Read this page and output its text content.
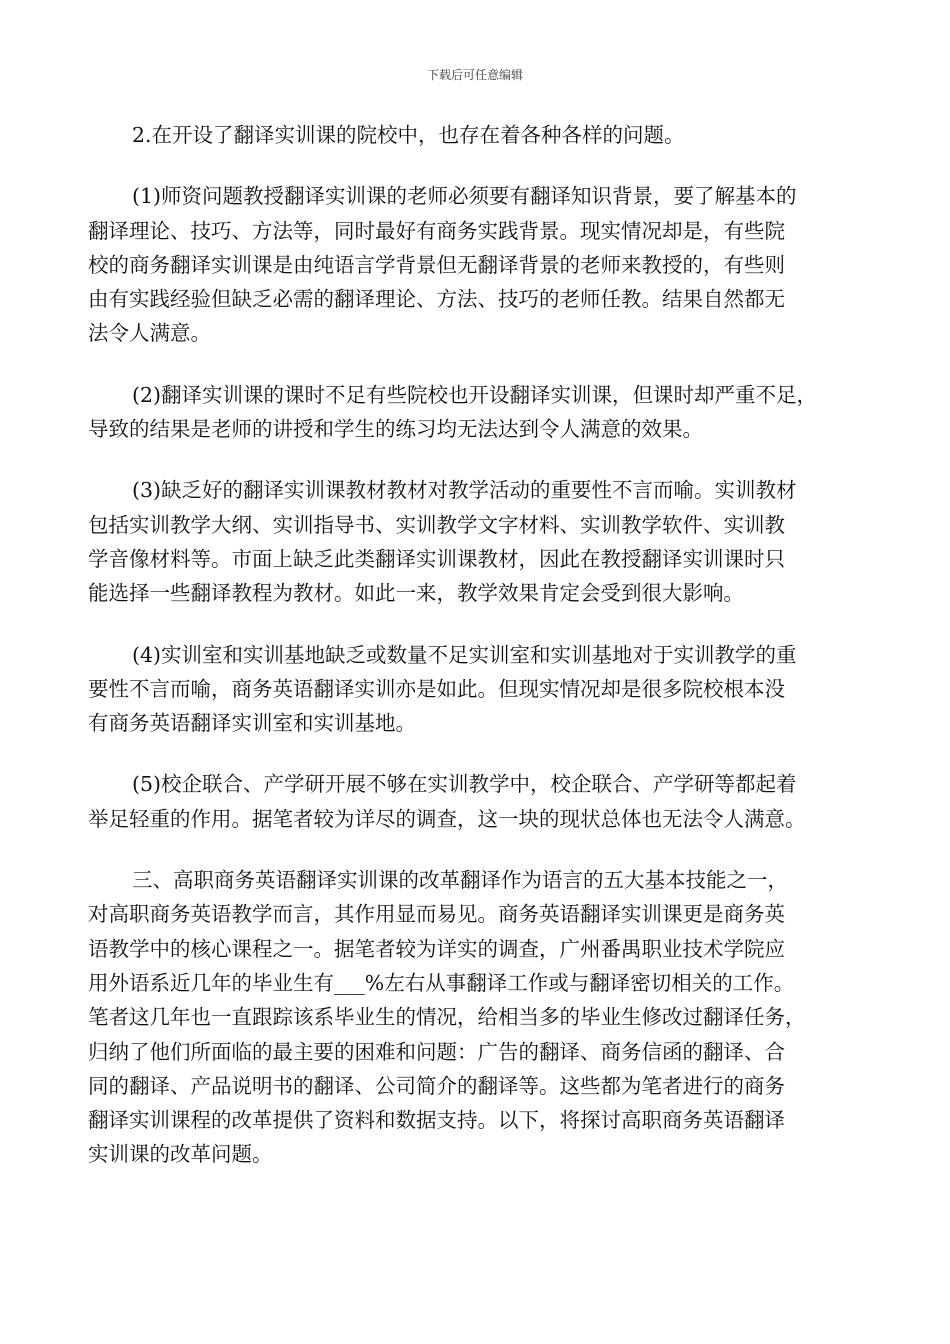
下载后可任意编辑
2.在开设了翻译实训课的院校中，也存在着各种各样的问题。
(1)师资问题教授翻译实训课的老师必须要有翻译知识背景，要了解基本的
翻译理论、技巧、方法等，同时最好有商务实践背景。现实情况却是，有些院
校的商务翻译实训课是由纯语言学背景但无翻译背景的老师来教授的，有些则
由有实践经验但缺乏必需的翻译理论、方法、技巧的老师任教。结果自然都无
法令人满意。
(2)翻译实训课的课时不足有些院校也开设翻译实训课，但课时却严重不足，
导致的结果是老师的讲授和学生的练习均无法达到令人满意的效果。
(3)缺乏好的翻译实训课教材教材对教学活动的重要性不言而喻。实训教材
包括实训教学大纲、实训指导书、实训教学文字材料、实训教学软件、实训教
学音像材料等。市面上缺乏此类翻译实训课教材，因此在教授翻译实训课时只
能选择一些翻译教程为教材。如此一来，教学效果肯定会受到很大影响。
(4)实训室和实训基地缺乏或数量不足实训室和实训基地对于实训教学的重
要性不言而喻，商务英语翻译实训亦是如此。但现实情况却是很多院校根本没
有商务英语翻译实训室和实训基地。
(5)校企联合、产学研开展不够在实训教学中，校企联合、产学研等都起着
举足轻重的作用。据笔者较为详尽的调查，这一块的现状总体也无法令人满意。
三、高职商务英语翻译实训课的改革翻译作为语言的五大基本技能之一，
对高职商务英语教学而言，其作用显而易见。商务英语翻译实训课更是商务英
语教学中的核心课程之一。据笔者较为详实的调查，广州番禺职业技术学院应
用外语系近几年的毕业生有___%左右从事翻译工作或与翻译密切相关的工作。
笔者这几年也一直跟踪该系毕业生的情况，给相当多的毕业生修改过翻译任务，
归纳了他们所面临的最主要的困难和问题：广告的翻译、商务信函的翻译、合
同的翻译、产品说明书的翻译、公司简介的翻译等。这些都为笔者进行的商务
翻译实训课程的改革提供了资料和数据支持。以下，将探讨高职商务英语翻译
实训课的改革问题。
